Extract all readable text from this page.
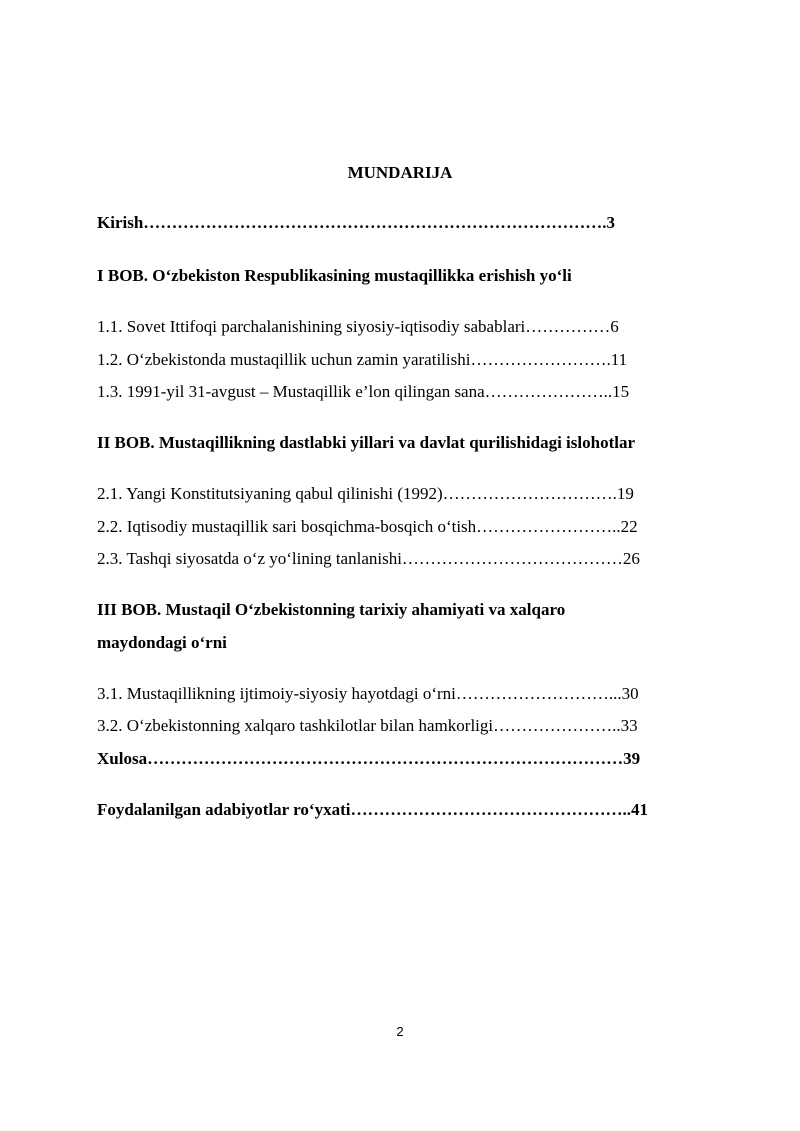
MUNDARIJA
Kirish……………………………………………………………………….3
I BOB. O‘zbekiston Respublikasining mustaqillikka erishish yo‘li
1.1. Sovet Ittifoqi parchalanishining siyosiy-iqtisodiy sabablari……………6
1.2. O‘zbekistonda mustaqillik uchun zamin yaratilishi…………………….11
1.3. 1991-yil 31-avgust – Mustaqillik e’lon qilingan sana…………………..15
II BOB. Mustaqillikning dastlabki yillari va davlat qurilishidagi islohotlar
2.1. Yangi Konstitutsiyaning qabul qilinishi (1992)………………………….19
2.2. Iqtisodiy mustaqillik sari bosqichma-bosqich o‘tish……………………..22
2.3. Tashqi siyosatda o‘z yo‘lining tanlanishi…………………………………26
III BOB. Mustaqil O‘zbekistonning tarixiy ahamiyati va xalqaro
maydondagi o‘rni
3.1. Mustaqillikning ijtimoiy-siyosiy hayotdagi o‘rni………………………...30
3.2. O‘zbekistonning xalqaro tashkilotlar bilan hamkorligi…………………..33
Xulosa…………………………………………………………………………39
Foydalanilgan adabiyotlar ro‘yxati…………………………………………..41
2
